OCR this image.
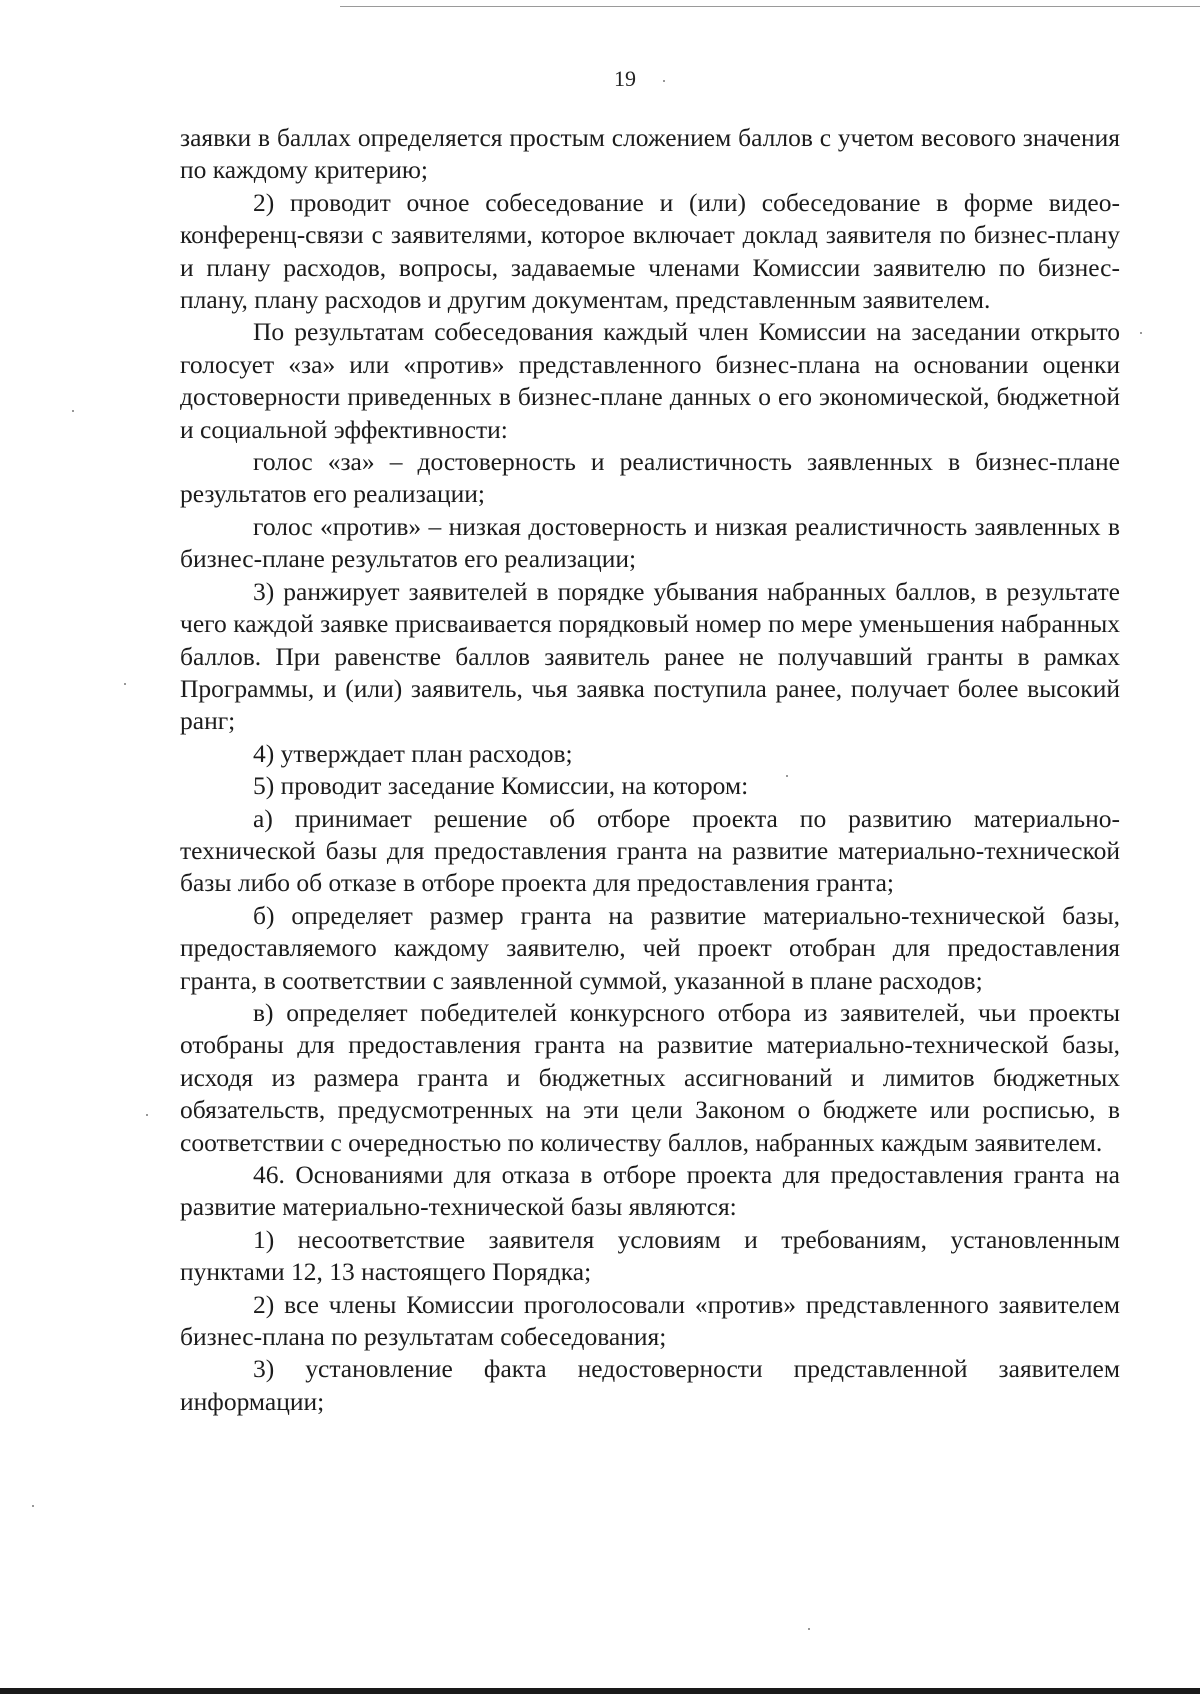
19

заявки в баллах определяется простым сложением баллов с учетом весового значения по каждому критерию;

2) проводит очное собеседование и (или) собеседование в форме видео-конференц-связи с заявителями, которое включает доклад заявителя по бизнес-плану и плану расходов, вопросы, задаваемые членами Комиссии заявителю по бизнес-плану, плану расходов и другим документам, представленным заявителем.

По результатам собеседования каждый член Комиссии на заседании открыто голосует «за» или «против» представленного бизнес-плана на основании оценки достоверности приведенных в бизнес-плане данных о его экономической, бюджетной и социальной эффективности:

голос «за» – достоверность и реалистичность заявленных в бизнес-плане результатов его реализации;

голос «против» – низкая достоверность и низкая реалистичность заявленных в бизнес-плане результатов его реализации;

3) ранжирует заявителей в порядке убывания набранных баллов, в результате чего каждой заявке присваивается порядковый номер по мере уменьшения набранных баллов. При равенстве баллов заявитель ранее не получавший гранты в рамках Программы, и (или) заявитель, чья заявка поступила ранее, получает более высокий ранг;

4) утверждает план расходов;

5) проводит заседание Комиссии, на котором:

а) принимает решение об отборе проекта по развитию материально-технической базы для предоставления гранта на развитие материально-технической базы либо об отказе в отборе проекта для предоставления гранта;

б) определяет размер гранта на развитие материально-технической базы, предоставляемого каждому заявителю, чей проект отобран для предоставления гранта, в соответствии с заявленной суммой, указанной в плане расходов;

в) определяет победителей конкурсного отбора из заявителей, чьи проекты отобраны для предоставления гранта на развитие материально-технической базы, исходя из размера гранта и бюджетных ассигнований и лимитов бюджетных обязательств, предусмотренных на эти цели Законом о бюджете или росписью, в соответствии с очередностью по количеству баллов, набранных каждым заявителем.

46. Основаниями для отказа в отборе проекта для предоставления гранта на развитие материально-технической базы являются:

1) несоответствие заявителя условиям и требованиям, установленным пунктами 12, 13 настоящего Порядка;

2) все члены Комиссии проголосовали «против» представленного заявителем бизнес-плана по результатам собеседования;

3) установление факта недостоверности представленной заявителем информации;
